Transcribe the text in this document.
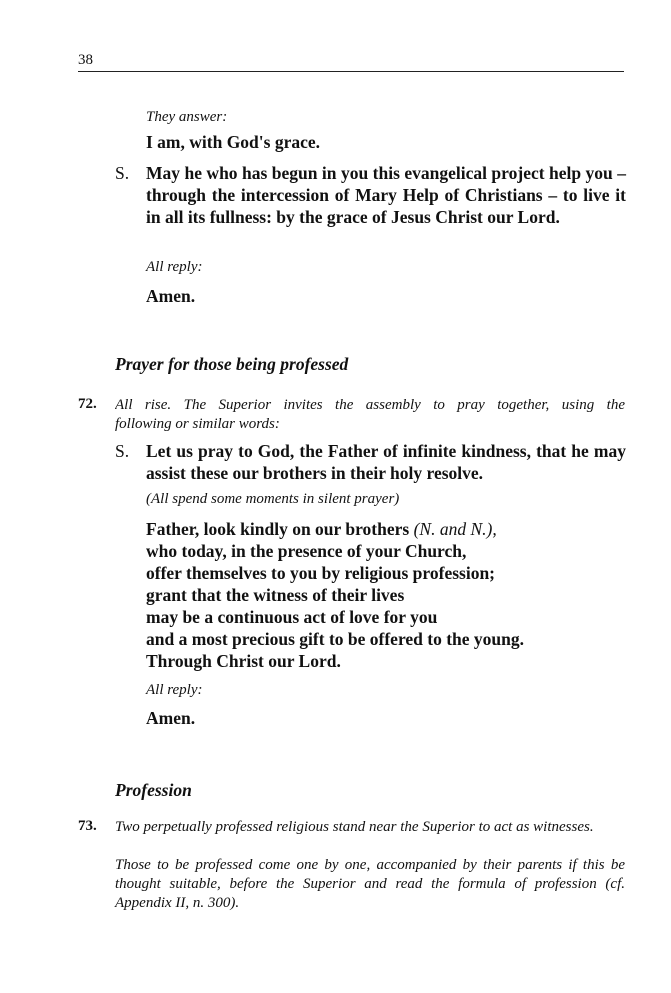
38
They answer:
I am, with God's grace.
S. May he who has begun in you this evangelical project help you – through the intercession of Mary Help of Christians – to live it in all its fullness: by the grace of Jesus Christ our Lord.
All reply:
Amen.
Prayer for those being professed
72. All rise. The Superior invites the assembly to pray together, using the
following or similar words:
S. Let us pray to God, the Father of infinite kindness, that he may assist these our brothers in their holy resolve.
(All spend some moments in silent prayer)
Father, look kindly on our brothers (N. and N.),
who today, in the presence of your Church,
offer themselves to you by religious profession;
grant that the witness of their lives
may be a continuous act of love for you
and a most precious gift to be offered to the young.
Through Christ our Lord.
All reply:
Amen.
Profession
73. Two perpetually professed religious stand near the Superior to act as witnesses.
Those to be professed come one by one, accompanied by their parents if this be thought suitable, before the Superior and read the formula of profession (cf. Appendix II, n. 300).
